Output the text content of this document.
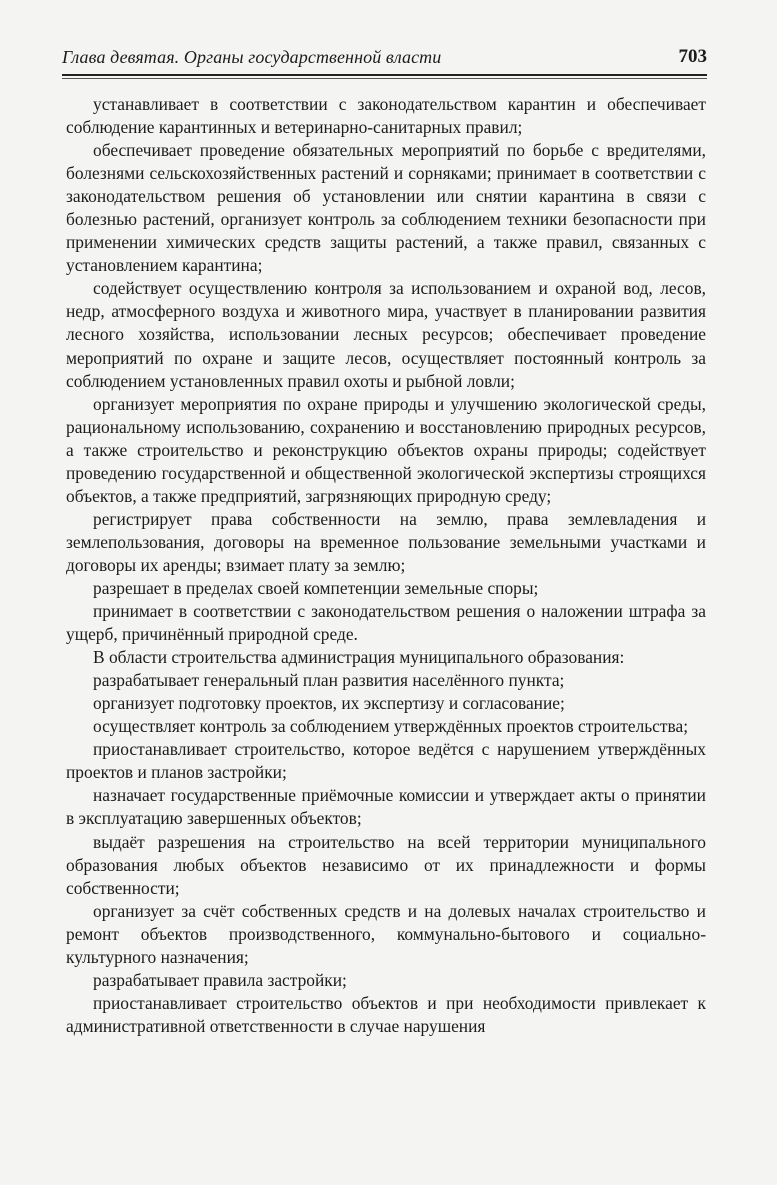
Глава девятая. Органы государственной власти	703

устанавливает в соответствии с законодательством карантин и обеспечивает соблюдение карантинных и ветеринарно-санитарных правил;

обеспечивает проведение обязательных мероприятий по борьбе с вредителями, болезнями сельскохозяйственных растений и сорняками; принимает в соответствии с законодательством решения об установлении или снятии карантина в связи с болезнью растений, организует контроль за соблюдением техники безопасности при применении химических средств защиты растений, а также правил, связанных с установлением карантина;

содействует осуществлению контроля за использованием и охраной вод, лесов, недр, атмосферного воздуха и животного мира, участвует в планировании развития лесного хозяйства, использовании лесных ресурсов; обеспечивает проведение мероприятий по охране и защите лесов, осуществляет постоянный контроль за соблюдением установленных правил охоты и рыбной ловли;

организует мероприятия по охране природы и улучшению экологической среды, рациональному использованию, сохранению и восстановлению природных ресурсов, а также строительство и реконструкцию объектов охраны природы; содействует проведению государственной и общественной экологической экспертизы строящихся объектов, а также предприятий, загрязняющих природную среду;

регистрирует права собственности на землю, права землевладения и землепользования, договоры на временное пользование земельными участками и договоры их аренды; взимает плату за землю;

разрешает в пределах своей компетенции земельные споры;

принимает в соответствии с законодательством решения о наложении штрафа за ущерб, причинённый природной среде.

В области строительства администрация муниципального образования:

разрабатывает генеральный план развития населённого пункта;

организует подготовку проектов, их экспертизу и согласование;

осуществляет контроль за соблюдением утверждённых проектов строительства;

приостанавливает строительство, которое ведётся с нарушением утверждённых проектов и планов застройки;

назначает государственные приёмочные комиссии и утверждает акты о принятии в эксплуатацию завершенных объектов;

выдаёт разрешения на строительство на всей территории муниципального образования любых объектов независимо от их принадлежности и формы собственности;

организует за счёт собственных средств и на долевых началах строительство и ремонт объектов производственного, коммунально-бытового и социально-культурного назначения;

разрабатывает правила застройки;

приостанавливает строительство объектов и при необходимости привлекает к административной ответственности в случае нарушения
